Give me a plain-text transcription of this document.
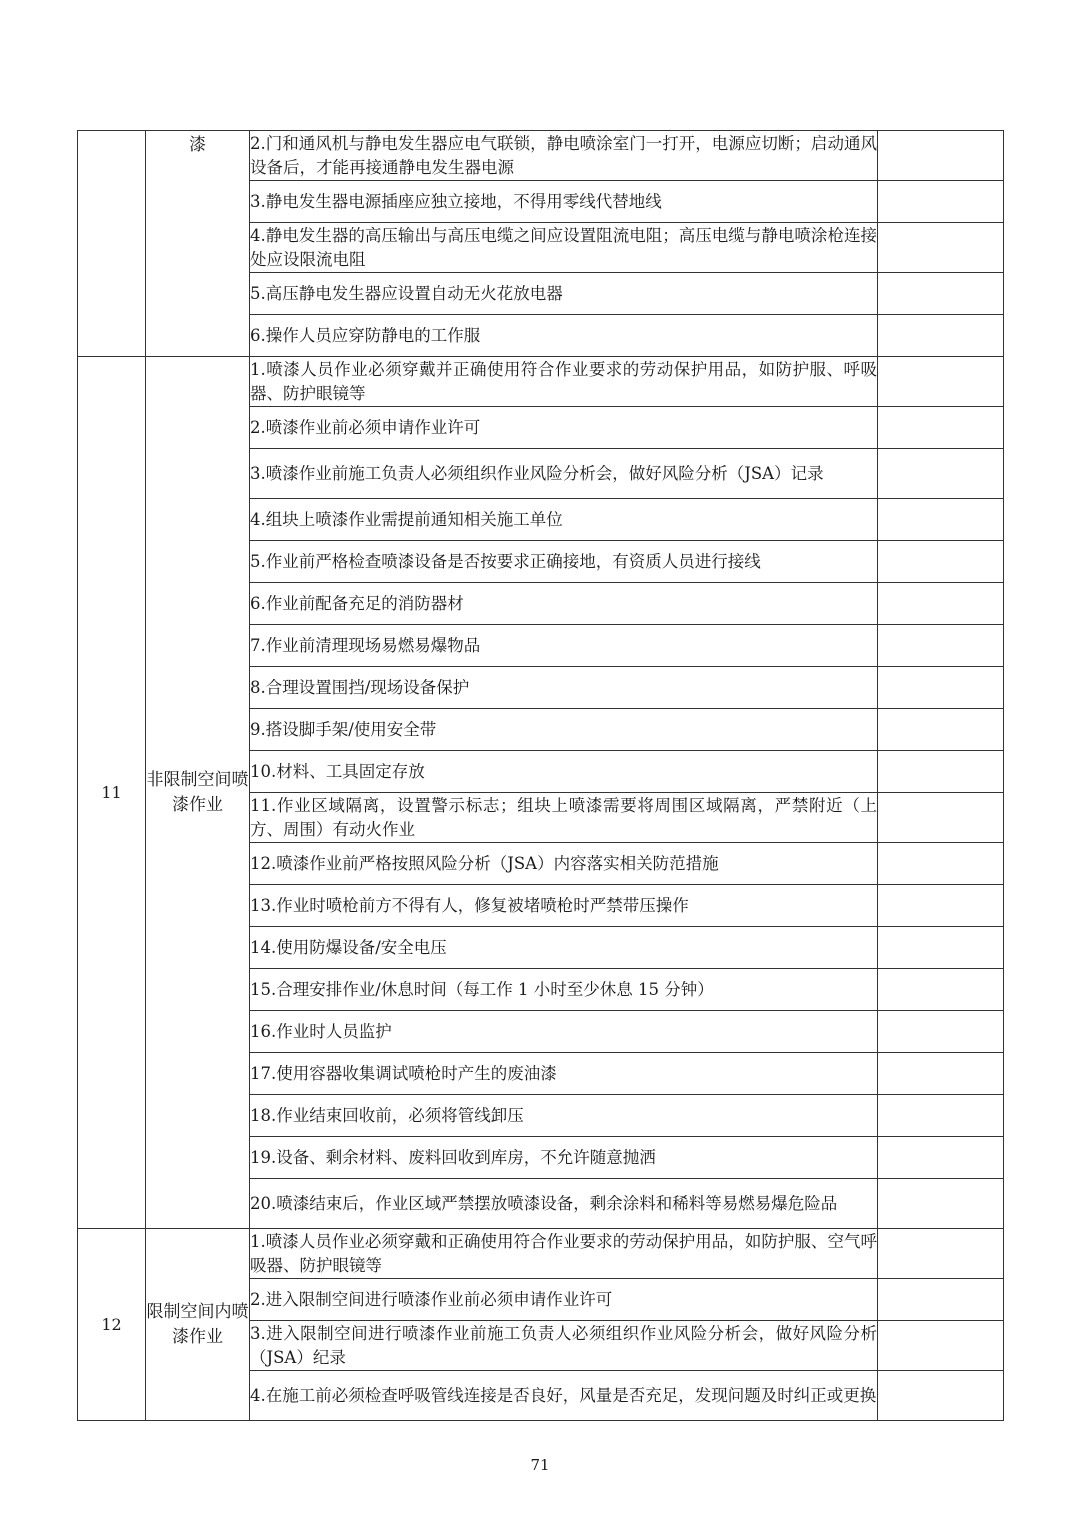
	漆	2.门和通风机与静电发生器应电气联锁，静电喷涂室门一打开，电源应切断；启动通风设备后，才能再接通静电发生器电源	
		3.静电发生器电源插座应独立接地，不得用零线代替地线	
		4.静电发生器的高压输出与高压电缆之间应设置阻流电阻；高压电缆与静电喷涂枪连接处应设限流电阻	
		5.高压静电发生器应设置自动无火花放电器	
		6.操作人员应穿防静电的工作服	
11	非限制空间喷漆作业	1.喷漆人员作业必须穿戴并正确使用符合作业要求的劳动保护用品，如防护服、呼吸器、防护眼镜等	
		2.喷漆作业前必须申请作业许可	
		3.喷漆作业前施工负责人必须组织作业风险分析会，做好风险分析（JSA）记录	
		4.组块上喷漆作业需提前通知相关施工单位	
		5.作业前严格检查喷漆设备是否按要求正确接地，有资质人员进行接线	
		6.作业前配备充足的消防器材	
		7.作业前清理现场易燃易爆物品	
		8.合理设置围挡/现场设备保护	
		9.搭设脚手架/使用安全带	
		10.材料、工具固定存放	
		11.作业区域隔离，设置警示标志；组块上喷漆需要将周围区域隔离，严禁附近（上方、周围）有动火作业	
		12.喷漆作业前严格按照风险分析（JSA）内容落实相关防范措施	
		13.作业时喷枪前方不得有人，修复被堵喷枪时严禁带压操作	
		14.使用防爆设备/安全电压	
		15.合理安排作业/休息时间（每工作 1 小时至少休息 15 分钟）	
		16.作业时人员监护	
		17.使用容器收集调试喷枪时产生的废油漆	
		18.作业结束回收前，必须将管线卸压	
		19.设备、剩余材料、废料回收到库房，不允许随意抛洒	
		20.喷漆结束后，作业区域严禁摆放喷漆设备，剩余涂料和稀料等易燃易爆危险品	
12	限制空间内喷漆作业	1.喷漆人员作业必须穿戴和正确使用符合作业要求的劳动保护用品，如防护服、空气呼吸器、防护眼镜等	
		2.进入限制空间进行喷漆作业前必须申请作业许可	
		3.进入限制空间进行喷漆作业前施工负责人必须组织作业风险分析会，做好风险分析（JSA）纪录	
		4.在施工前必须检查呼吸管线连接是否良好，风量是否充足，发现问题及时纠正或更换	
71
